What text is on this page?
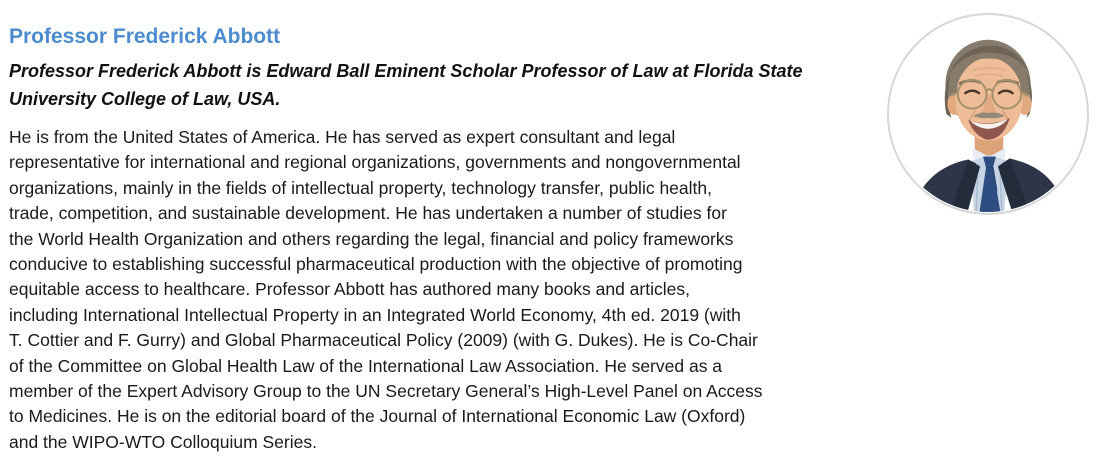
Professor Frederick Abbott
Professor Frederick Abbott is Edward Ball Eminent Scholar Professor of Law at Florida State
University College of Law, USA.
He is from the United States of America. He has served as expert consultant and legal
representative for international and regional organizations, governments and nongovernmental
organizations, mainly in the fields of intellectual property, technology transfer, public health,
trade, competition, and sustainable development. He has undertaken a number of studies for
the World Health Organization and others regarding the legal, financial and policy frameworks
conducive to establishing successful pharmaceutical production with the objective of promoting
equitable access to healthcare. Professor Abbott has authored many books and articles,
including International Intellectual Property in an Integrated World Economy, 4th ed. 2019 (with
T. Cottier and F. Gurry) and Global Pharmaceutical Policy (2009) (with G. Dukes). He is Co-Chair
of the Committee on Global Health Law of the International Law Association. He served as a
member of the Expert Advisory Group to the UN Secretary General’s High-Level Panel on Access
to Medicines. He is on the editorial board of the Journal of International Economic Law (Oxford)
and the WIPO-WTO Colloquium Series.
